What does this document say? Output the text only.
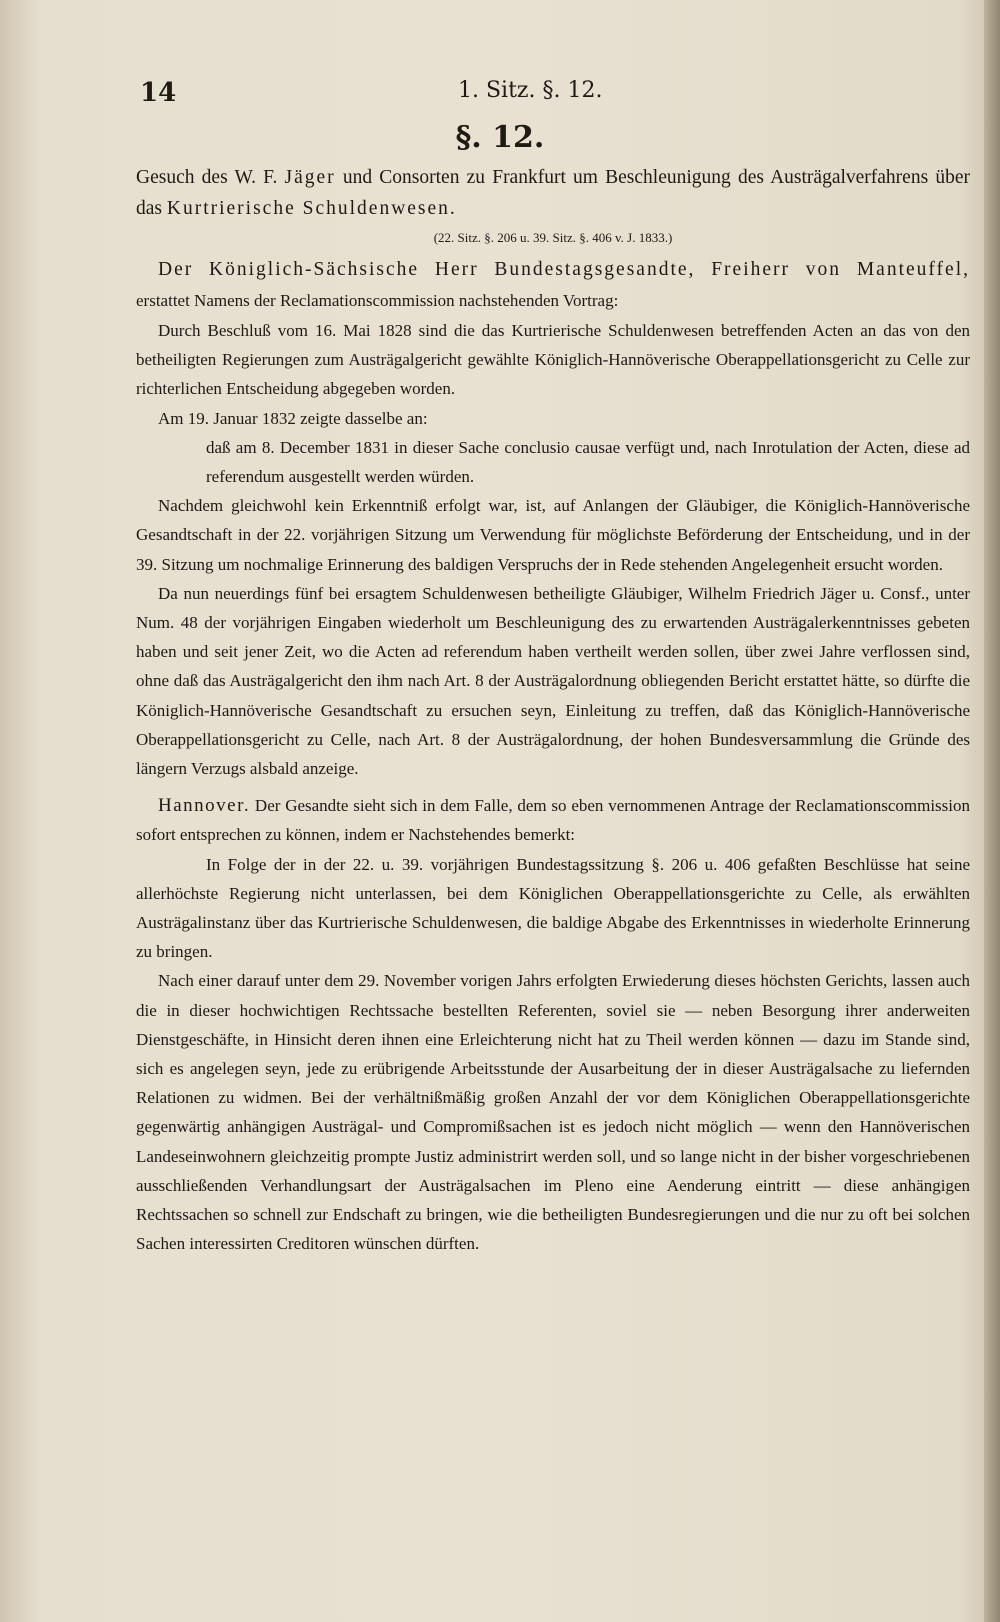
14	1. Sitz. §. 12.
§. 12.

Gesuch des W. F. Jäger und Consorten zu Frankfurt um Beschleunigung des Austrägalverfahrens über das Kurtrierische Schuldenwesen.

(22. Sitz. §. 206 u. 39. Sitz. §. 406 v. J. 1833.)

Der Königlich-Sächsische Herr Bundestagsgesandte, Freiherr von Manteuffel, erstattet Namens der Reclamationscommission nachstehenden Vortrag:

Durch Beschluß vom 16. Mai 1828 sind die das Kurtrierische Schuldenwesen betreffenden Acten an das von den betheiligten Regierungen zum Austrägalgericht gewählte Königlich-Hannöverische Oberappellationsgericht zu Celle zur richterlichen Entscheidung abgegeben worden.

Am 19. Januar 1832 zeigte dasselbe an:

daß am 8. December 1831 in dieser Sache conclusio causae verfügt und, nach Inrotulation der Acten, diese ad referendum ausgestellt werden würden.

Nachdem gleichwohl kein Erkenntniß erfolgt war, ist, auf Anlangen der Gläubiger, die Königlich-Hannöverische Gesandtschaft in der 22. vorjährigen Sitzung um Verwendung für möglichste Beförderung der Entscheidung, und in der 39. Sitzung um nochmalige Erinnerung des baldigen Verspruchs der in Rede stehenden Angelegenheit ersucht worden.

Da nun neuerdings fünf bei ersagtem Schuldenwesen betheiligte Gläubiger, Wilhelm Friedrich Jäger u. Consf., unter Num. 48 der vorjährigen Eingaben wiederholt um Beschleunigung des zu erwartenden Austrägalerkenntnisses gebeten haben und seit jener Zeit, wo die Acten ad referendum haben vertheilt werden sollen, über zwei Jahre verflossen sind, ohne daß das Austrägalgericht den ihm nach Art. 8 der Austrägalordnung obliegenden Bericht erstattet hätte, so dürfte die Königlich-Hannöverische Gesandtschaft zu ersuchen seyn, Einleitung zu treffen, daß das Königlich-Hannöverische Oberappellationsgericht zu Celle, nach Art. 8 der Austrägalordnung, der hohen Bundesversammlung die Gründe des längern Verzugs alsbald anzeige.

Hannover. Der Gesandte sieht sich in dem Falle, dem so eben vernommenen Antrage der Reclamationscommission sofort entsprechen zu können, indem er Nachstehendes bemerkt:

In Folge der in der 22. u. 39. vorjährigen Bundestagssitzung §. 206 u. 406 gefaßten Beschlüsse hat seine allerhöchste Regierung nicht unterlassen, bei dem Königlichen Oberappellationsgerichte zu Celle, als erwählten Austrägalinstanz über das Kurtrierische Schuldenwesen, die baldige Abgabe des Erkenntnisses in wiederholte Erinnerung zu bringen.

Nach einer darauf unter dem 29. November vorigen Jahrs erfolgten Erwiederung dieses höchsten Gerichts, lassen auch die in dieser hochwichtigen Rechtssache bestellten Referenten, soviel sie — neben Besorgung ihrer anderweiten Dienstgeschäfte, in Hinsicht deren ihnen eine Erleichterung nicht hat zu Theil werden können — dazu im Stande sind, sich es angelegen seyn, jede zu erübrigende Arbeitsstunde der Ausarbeitung der in dieser Austrägalsache zu liefernden Relationen zu widmen. Bei der verhältnißmäßig großen Anzahl der vor dem Königlichen Oberappellationsgerichte gegenwärtig anhängigen Austrägal- und Compromißsachen ist es jedoch nicht möglich — wenn den Hannöverischen Landeseinwohnern gleichzeitig prompte Justiz administrirt werden soll, und so lange nicht in der bisher vorgeschriebenen ausschließenden Verhandlungsart der Austrägalsachen im Pleno eine Aenderung eintritt — diese anhängigen Rechtssachen so schnell zur Endschaft zu bringen, wie die betheiligten Bundesregierungen und die nur zu oft bei solchen Sachen interessirten Creditoren wünschen dürften.
